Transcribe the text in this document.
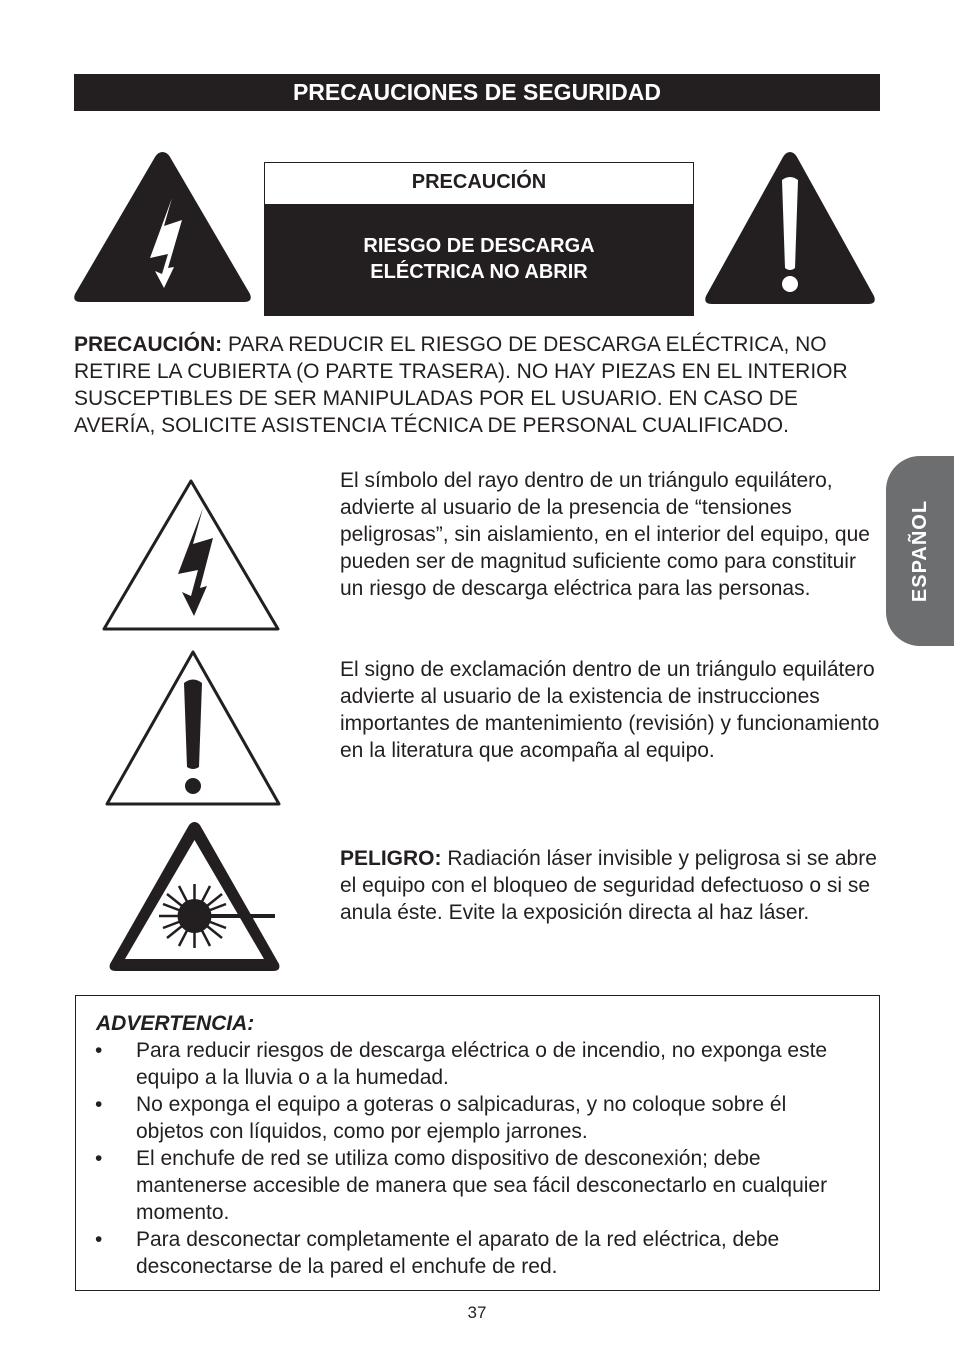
PRECAUCIONES DE SEGURIDAD
PRECAUCIÓN
RIESGO DE DESCARGA
ELÉCTRICA NO ABRIR

PRECAUCIÓN: PARA REDUCIR EL RIESGO DE DESCARGA ELÉCTRICA, NO RETIRE LA CUBIERTA (O PARTE TRASERA). NO HAY PIEZAS EN EL INTERIOR SUSCEPTIBLES DE SER MANIPULADAS POR EL USUARIO. EN CASO DE AVERÍA, SOLICITE ASISTENCIA TÉCNICA DE PERSONAL CUALIFICADO.

El símbolo del rayo dentro de un triángulo equilátero, advierte al usuario de la presencia de “tensiones peligrosas”, sin aislamiento, en el interior del equipo, que pueden ser de magnitud suficiente como para constituir un riesgo de descarga eléctrica para las personas.

El signo de exclamación dentro de un triángulo equilátero advierte al usuario de la existencia de instrucciones importantes de mantenimiento (revisión) y funcionamiento en la literatura que acompaña al equipo.

PELIGRO: Radiación láser invisible y peligrosa si se abre el equipo con el bloqueo de seguridad defectuoso o si se anula éste. Evite la exposición directa al haz láser.

ESPAÑOL
ADVERTENCIA:
• Para reducir riesgos de descarga eléctrica o de incendio, no exponga este equipo a la lluvia o a la humedad.
• No exponga el equipo a goteras o salpicaduras, y no coloque sobre él objetos con líquidos, como por ejemplo jarrones.
• El enchufe de red se utiliza como dispositivo de desconexión; debe mantenerse accesible de manera que sea fácil desconectarlo en cualquier momento.
• Para desconectar completamente el aparato de la red eléctrica, debe desconectarse de la pared el enchufe de red.
37
